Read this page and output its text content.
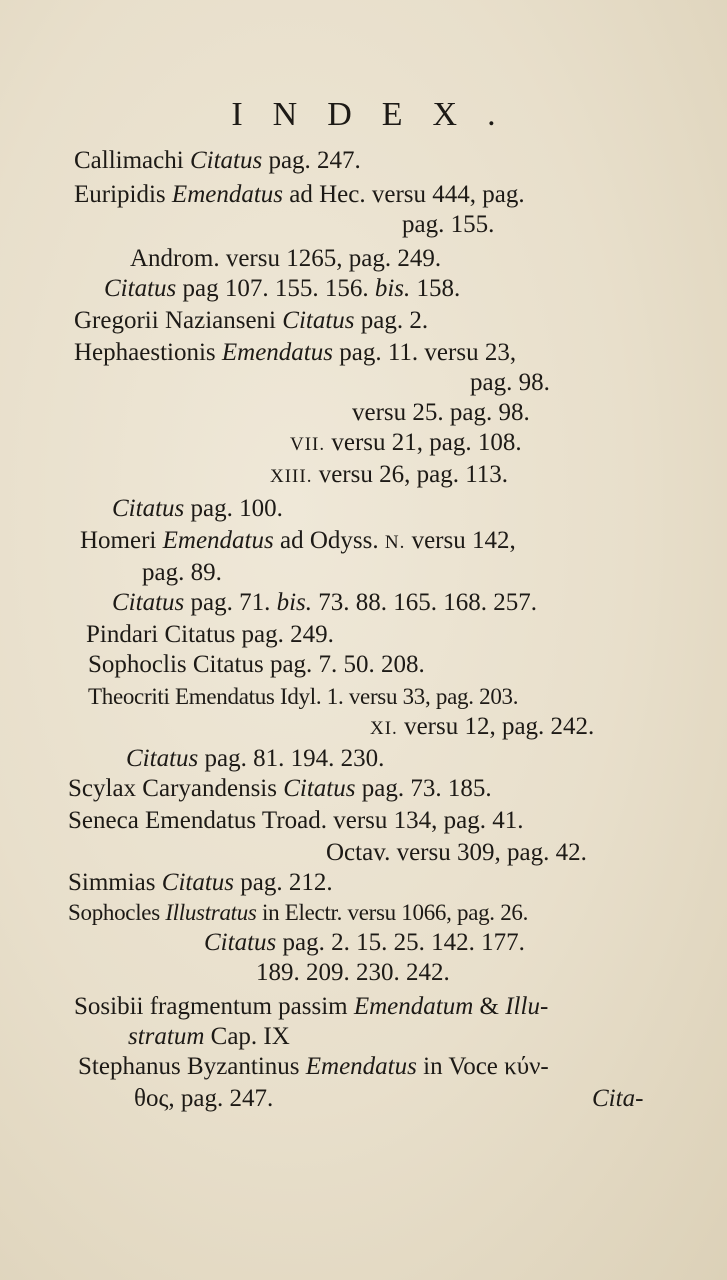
INDEX.
Callimachi Citatus pag. 247.
Euripidis Emendatus ad Hec. versu 444, pag.
pag. 155.
Androm. versu 1265, pag. 249.
Citatus pag 107. 155. 156. bis. 158.
Gregorii Nazianseni Citatus pag. 2.
Hephaestionis Emendatus pag. 11. versu 23,
pag. 98.
versu 25. pag. 98.
VII. versu 21, pag. 108.
XIII. versu 26, pag. 113.
Citatus pag. 100.
Homeri Emendatus ad Odyss. N. versu 142,
pag. 89.
Citatus pag. 71. bis. 73. 88. 165. 168. 257.
Pindari Citatus pag. 249.
Sophoclis Citatus pag. 7. 50. 208.
Theocriti Emendatus Idyl. 1. versu 33, pag. 203.
XI. versu 12, pag. 242.
Citatus pag. 81. 194. 230.
Scylax Caryandensis Citatus pag. 73. 185.
Seneca Emendatus Troad. versu 134, pag. 41.
Octav. versu 309, pag. 42.
Simmias Citatus pag. 212.
Sophocles Illustratus in Electr. versu 1066, pag. 26.
Citatus pag. 2. 15. 25. 142. 177.
189. 209. 230. 242.
Sosibii fragmentum passim Emendatum & Illu-
stratum Cap. IX
Stephanus Byzantinus Emendatus in Voce κύν-
θος, pag. 247.	Cita-
